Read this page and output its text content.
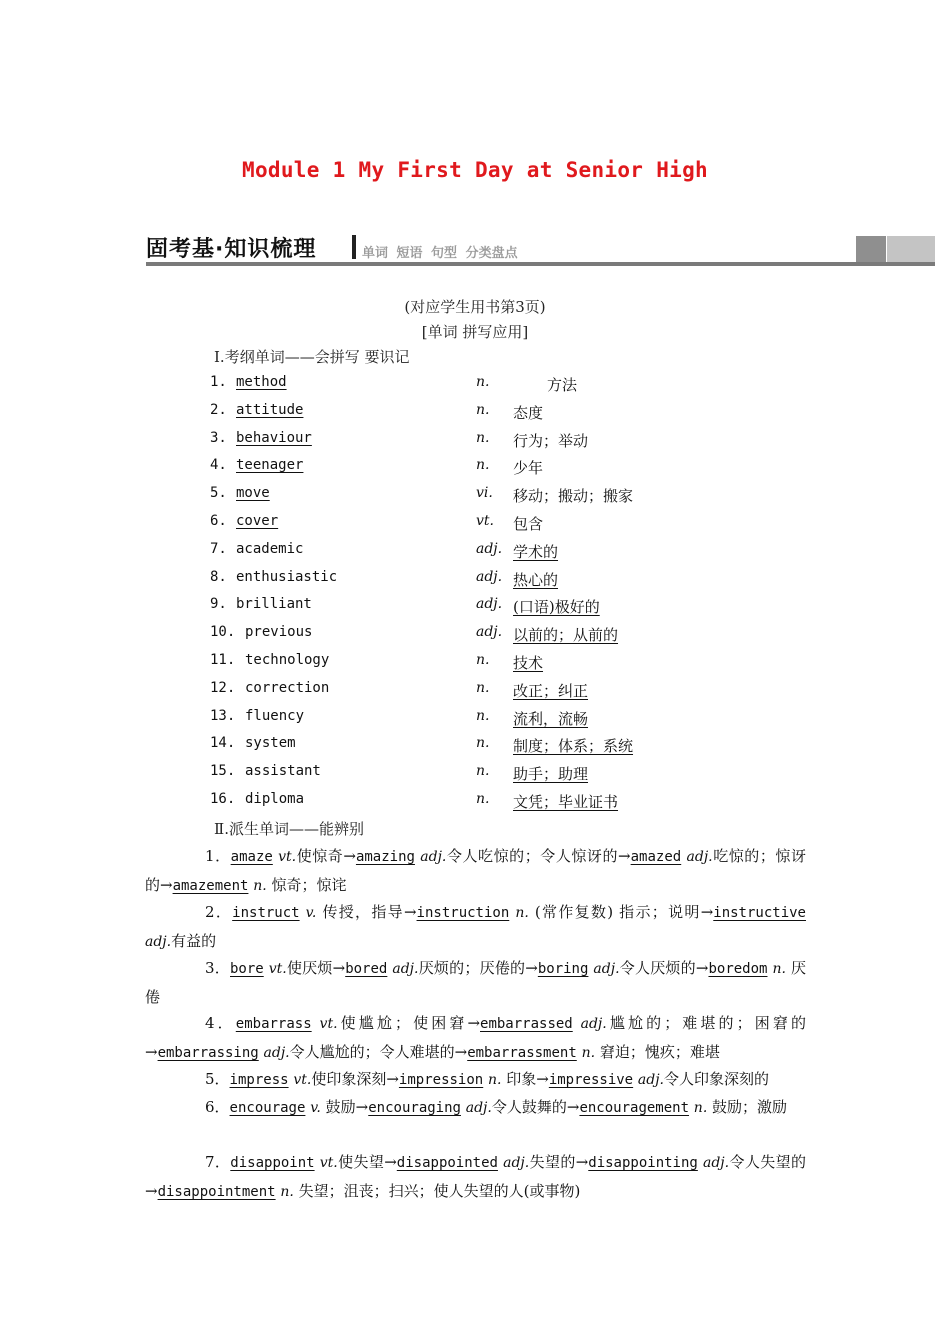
Module 1 My First Day at Senior High
固考基·知识梳理	单词 短语 句型 分类盘点
(对应学生用书第3页)
[单词 拼写应用]
Ⅰ.考纲单词——会拼写 要识记
1. method	n.	方法
2. attitude	n. 态度
3. behaviour	n. 行为；举动
4. teenager	n. 少年
5. move	vi. 移动；搬动；搬家
6. cover	vt. 包含
7. academic	adj. 学术的
8. enthusiastic	adj. 热心的
9. brilliant	adj. (口语)极好的
10. previous	adj. 以前的；从前的
11. technology	n. 技术
12. correction	n. 改正；纠正
13. fluency	n. 流利，流畅
14. system	n. 制度；体系；系统
15. assistant	n. 助手；助理
16. diploma	n. 文凭；毕业证书
Ⅱ.派生单词——能辨别
1．amaze vt.使惊奇→amazing adj.令人吃惊的；令人惊讶的→amazed adj.吃惊的；惊讶的→amazement n. 惊奇；惊诧
2．instruct v. 传授，指导→instruction n. (常作复数) 指示；说明→instructive adj.有益的
3．bore vt.使厌烦→bored adj.厌烦的；厌倦的→boring adj.令人厌烦的→boredom n. 厌倦
4．embarrass vt.使尴尬；使困窘→embarrassed adj.尴尬的；难堪的；困窘的→embarrassing adj.令人尴尬的；令人难堪的→embarrassment n. 窘迫；愧疚；难堪
5．impress vt.使印象深刻→impression n. 印象→impressive adj.令人印象深刻的
6．encourage v. 鼓励→encouraging adj.令人鼓舞的→encouragement n. 鼓励；激励
7．disappoint vt.使失望→disappointed adj.失望的→disappointing adj.令人失望的→disappointment n. 失望；沮丧；扫兴；使人失望的人(或事物)
